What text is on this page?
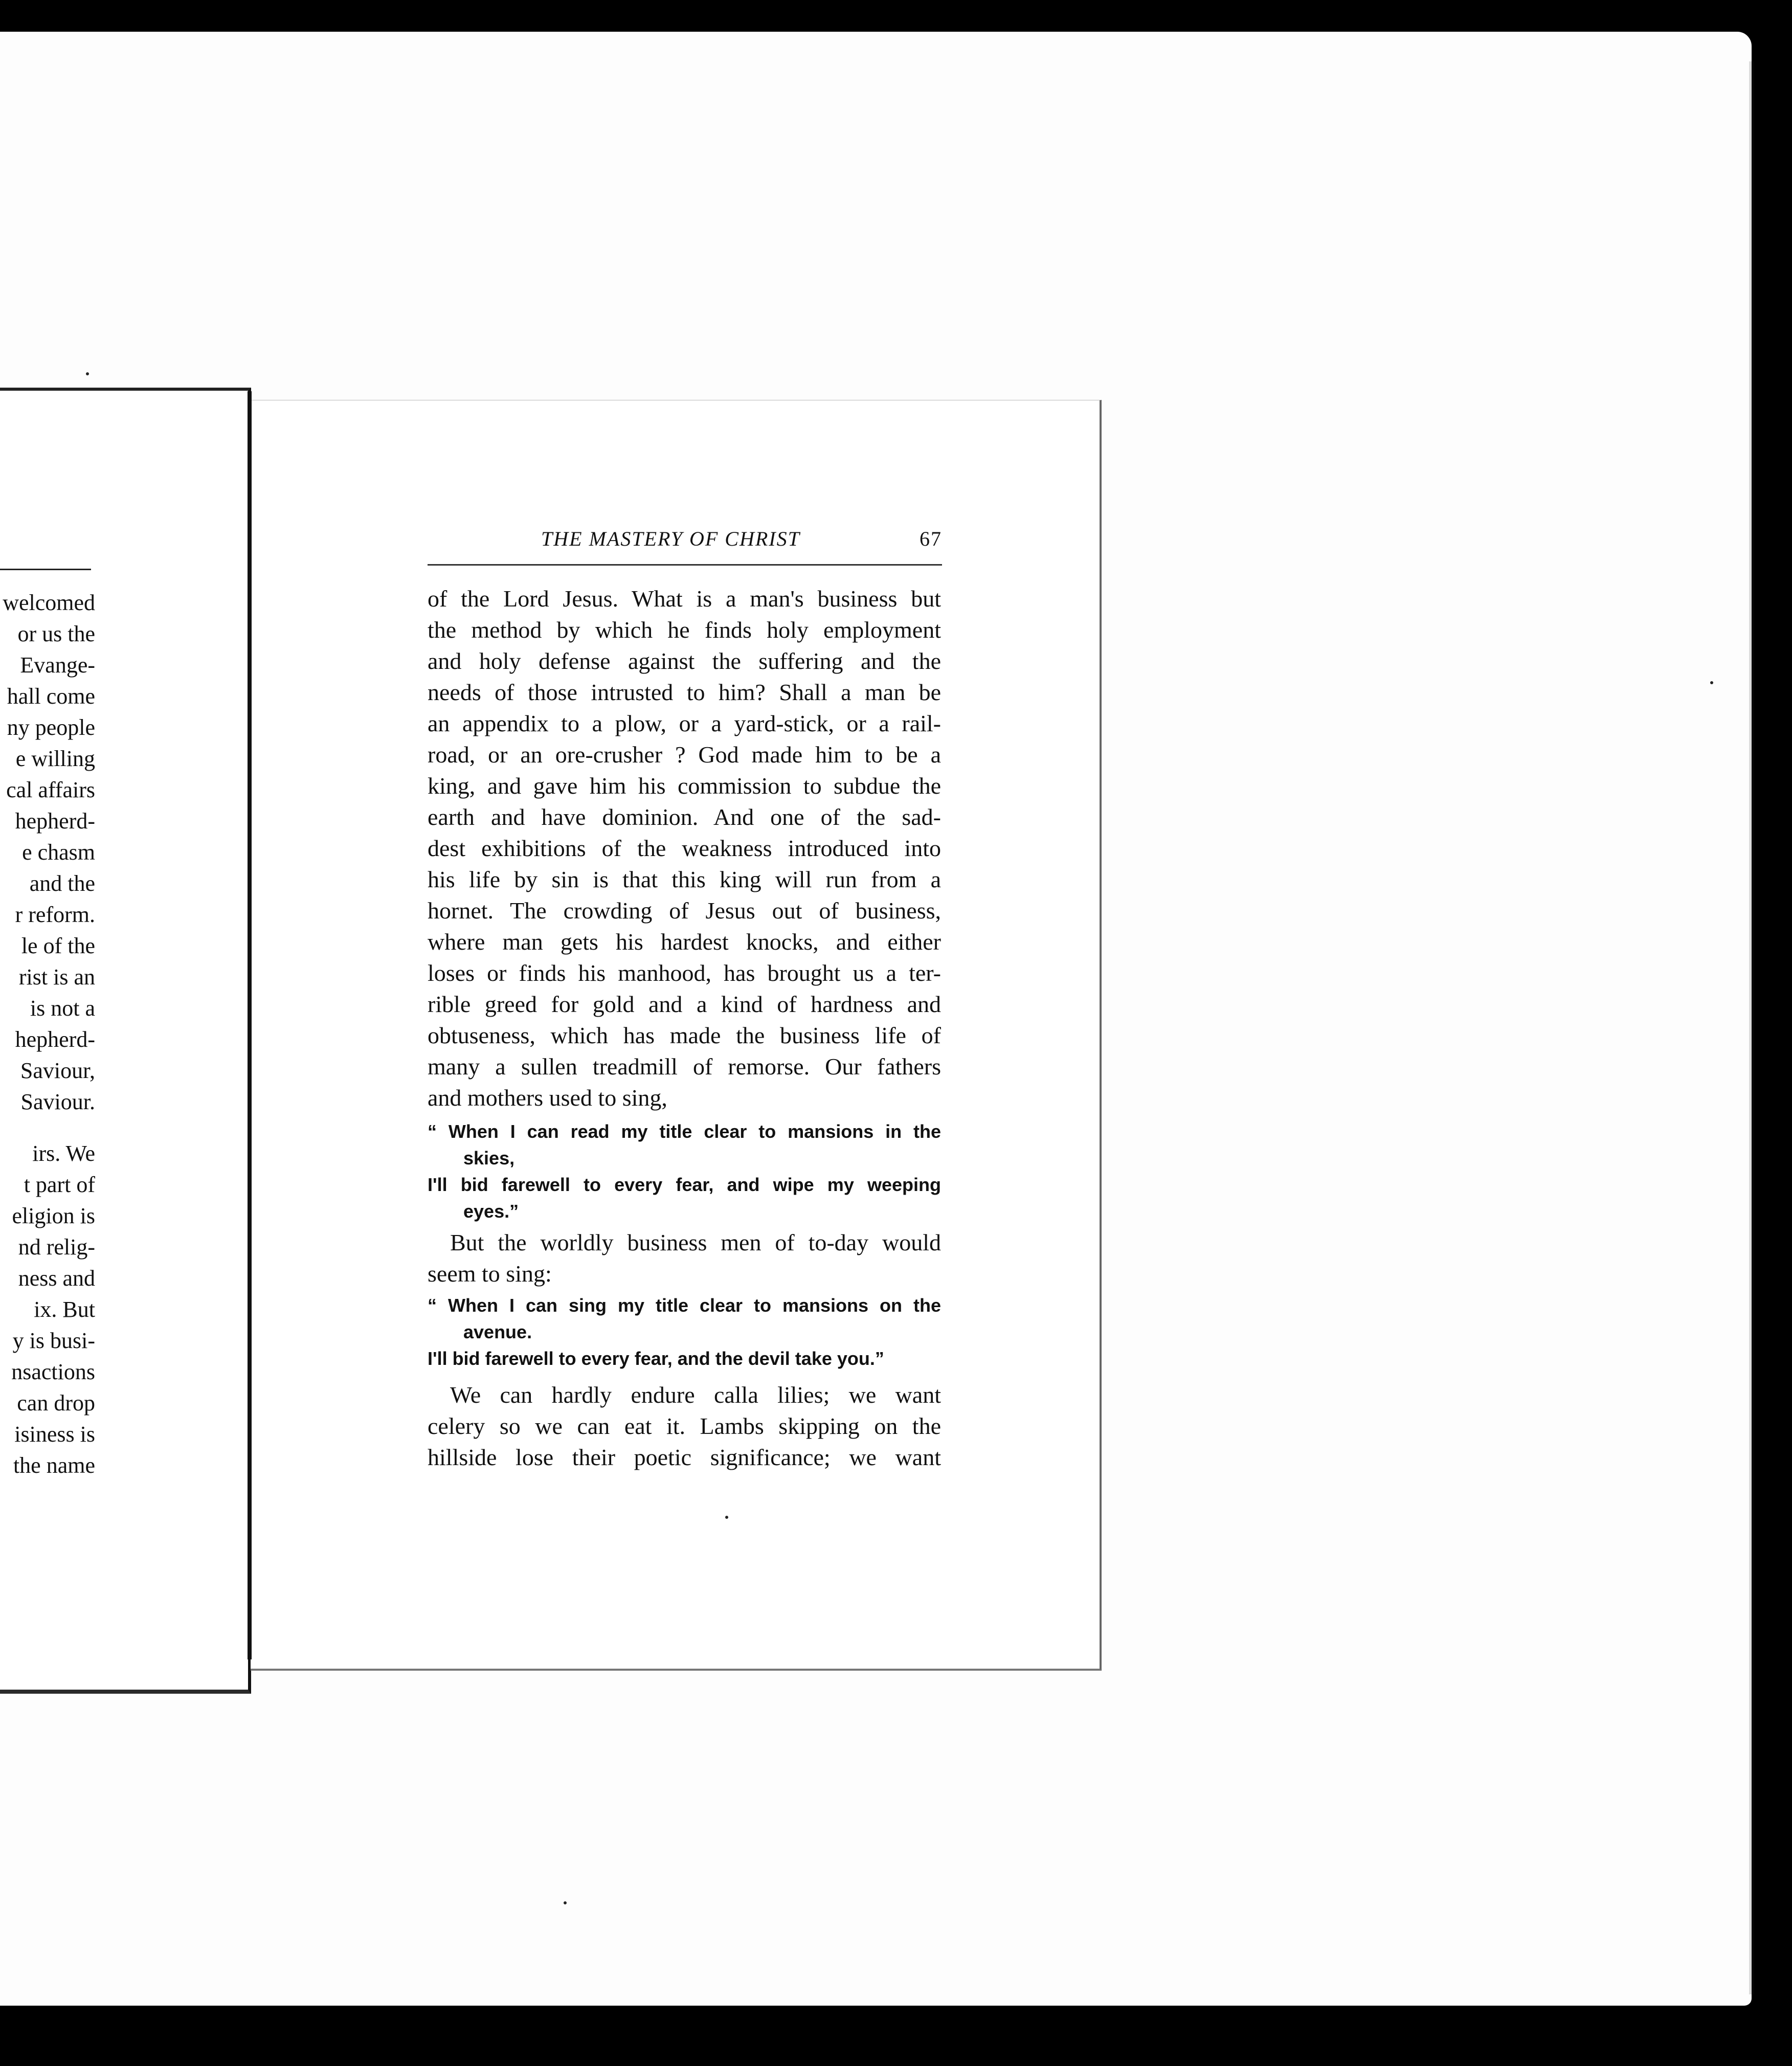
welcomed
or us the
Evange-
hall come
ny people
e willing
cal affairs
hepherd-
e chasm
and the
r reform.
le of the
rist is an
is not a
hepherd-
Saviour,
Saviour.
irs. We
t part of
eligion is
nd relig-
ness and
ix. But
y is busi-
nsactions
can drop
isiness is
the name
THE MASTERY OF CHRIST	67
of the Lord Jesus. What is a man's business but
the method by which he finds holy employment
and holy defense against the suffering and the
needs of those intrusted to him? Shall a man be
an appendix to a plow, or a yard-stick, or a rail-
road, or an ore-crusher ? God made him to be a
king, and gave him his commission to subdue the
earth and have dominion. And one of the sad-
dest exhibitions of the weakness introduced into
his life by sin is that this king will run from a
hornet. The crowding of Jesus out of business,
where man gets his hardest knocks, and either
loses or finds his manhood, has brought us a ter-
rible greed for gold and a kind of hardness and
obtuseness, which has made the business life of
many a sullen treadmill of remorse. Our fathers
and mothers used to sing,
“ When I can read my title clear to mansions in the
skies,
I'll bid farewell to every fear, and wipe my weeping
eyes.”
But the worldly business men of to-day would
seem to sing:
“ When I can sing my title clear to mansions on the
avenue.
I'll bid farewell to every fear, and the devil take you.”
We can hardly endure calla lilies; we want
celery so we can eat it. Lambs skipping on the
hillside lose their poetic significance; we want
